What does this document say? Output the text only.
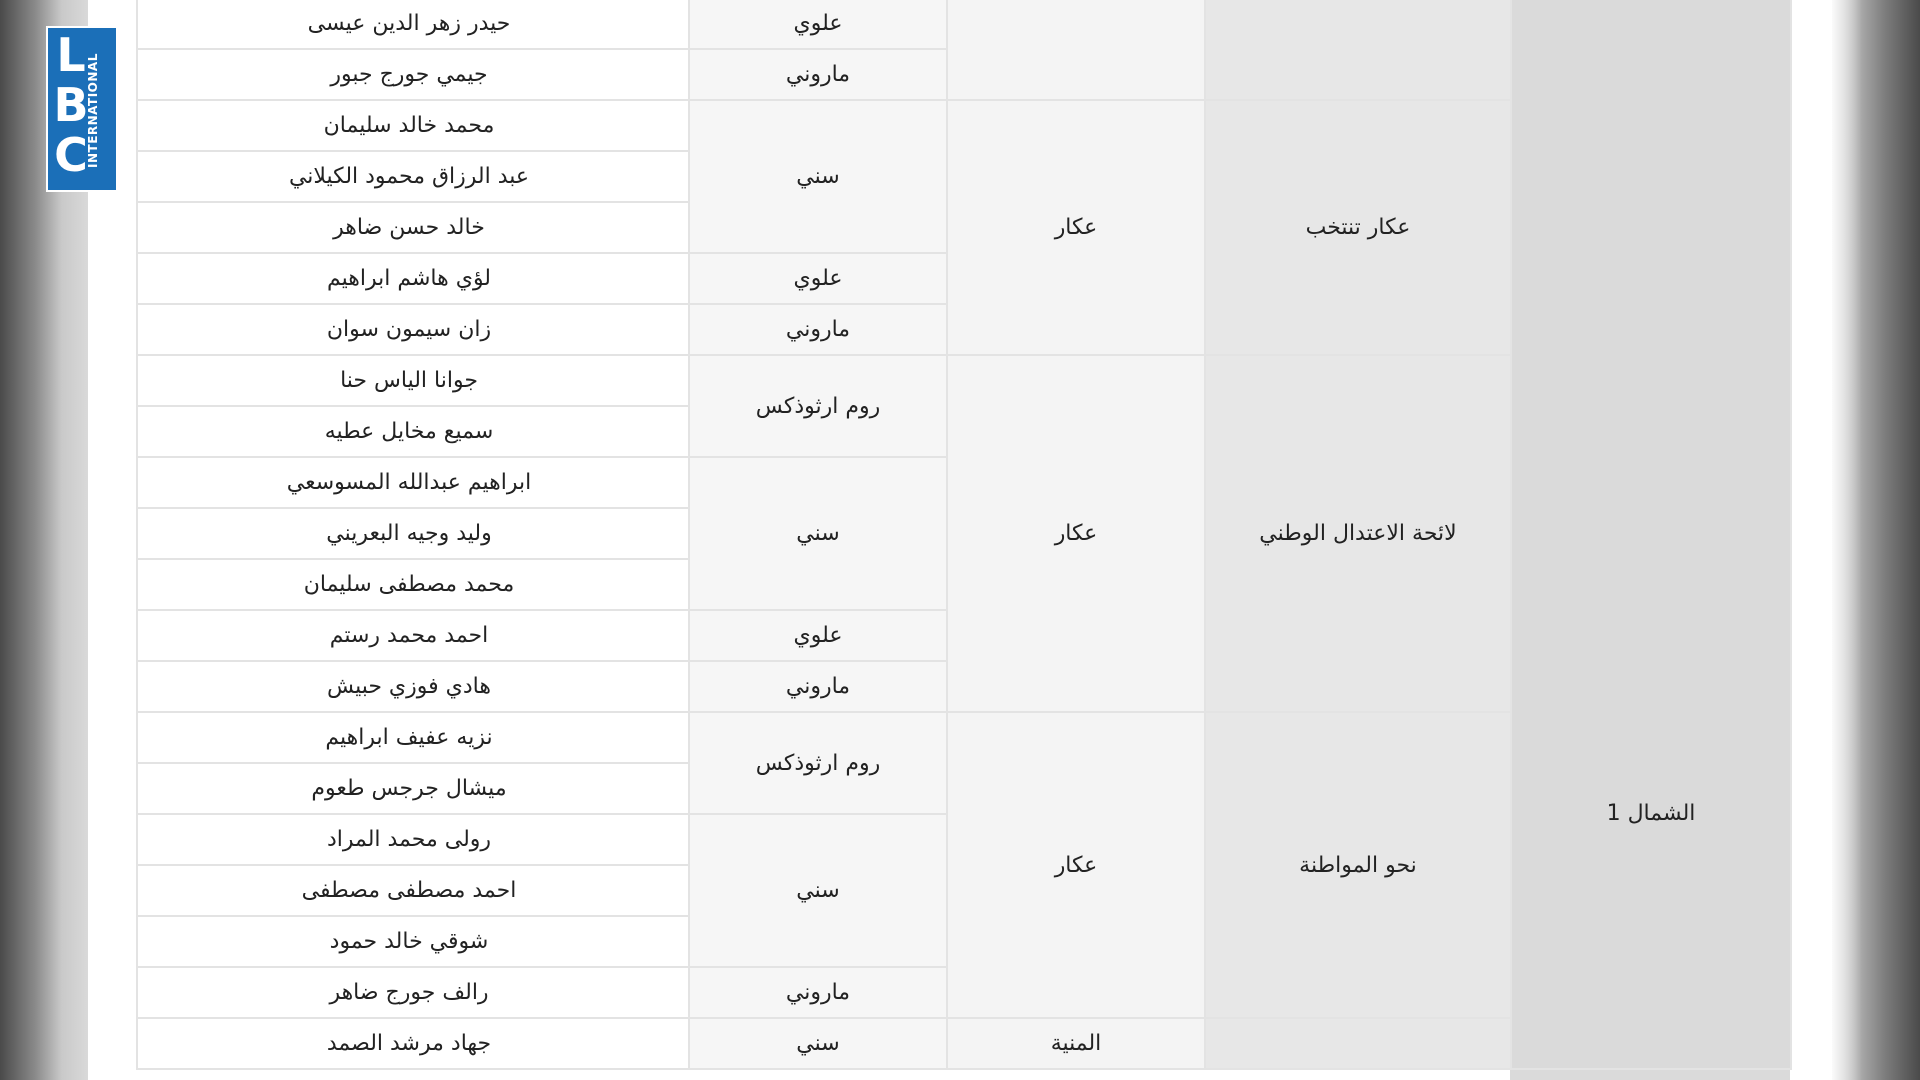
حيدر زهر الدين عيسى	علوي			الشمال 1

جيمي جورج جبور	ماروني			
محمد خالد سليمان	سني	عكار	عكار تنتخب	
عبد الرزاق محمود الكيلاني				
خالد حسن ضاهر				
لؤي هاشم ابراهيم	علوي			
زان سيمون سوان	ماروني			
جوانا الياس حنا	روم ارثوذكس	عكار	لائحة الاعتدال الوطني	
سميع مخايل عطيه				
ابراهيم عبدالله المسوسعي	سني			
وليد وجيه البعريني				
محمد مصطفى سليمان				
احمد محمد رستم	علوي			
هادي فوزي حبيش	ماروني			
نزيه عفيف ابراهيم	روم ارثوذكس	عكار	نحو المواطنة	
ميشال جرجس طعوم				
رولى محمد المراد	سني			
احمد مصطفى مصطفى				
شوقي خالد حمود				
رالف جورج ضاهر	ماروني			
جهاد مرشد الصمد	سني	المنية		
L
B
C
INTERNATIONAL
